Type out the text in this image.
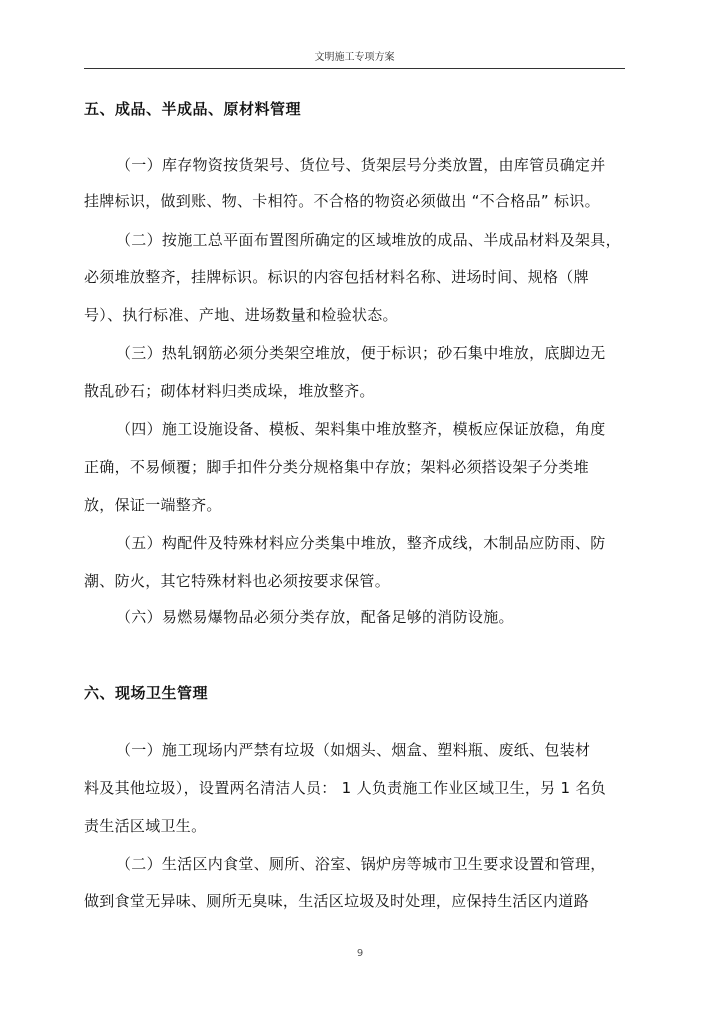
文明施工专项方案
五、成品、半成品、原材料管理
（一）库存物资按货架号、货位号、货架层号分类放置，由库管员确定并
挂牌标识，做到账、物、卡相符。不合格的物资必须做出 “不合格品” 标识。
（二）按施工总平面布置图所确定的区域堆放的成品、半成品材料及架具，
必须堆放整齐，挂牌标识。标识的内容包括材料名称、进场时间、规格（牌
号）、执行标准、产地、进场数量和检验状态。
（三）热轧钢筋必须分类架空堆放，便于标识；砂石集中堆放，底脚边无
散乱砂石；砌体材料归类成垛，堆放整齐。
（四）施工设施设备、模板、架料集中堆放整齐，模板应保证放稳，角度
正确，不易倾覆；脚手扣件分类分规格集中存放；架料必须搭设架子分类堆
放，保证一端整齐。
（五）构配件及特殊材料应分类集中堆放，整齐成线，木制品应防雨、防
潮、防火，其它特殊材料也必须按要求保管。
（六）易燃易爆物品必须分类存放，配备足够的消防设施。
六、现场卫生管理
（一）施工现场内严禁有垃圾（如烟头、烟盒、塑料瓶、废纸、包装材
料及其他垃圾），设置两名清洁人员： 1 人负责施工作业区域卫生，另 1 名负
责生活区域卫生。
（二）生活区内食堂、厕所、浴室、锅炉房等城市卫生要求设置和管理，
做到食堂无异味、厕所无臭味，生活区垃圾及时处理，应保持生活区内道路
9
